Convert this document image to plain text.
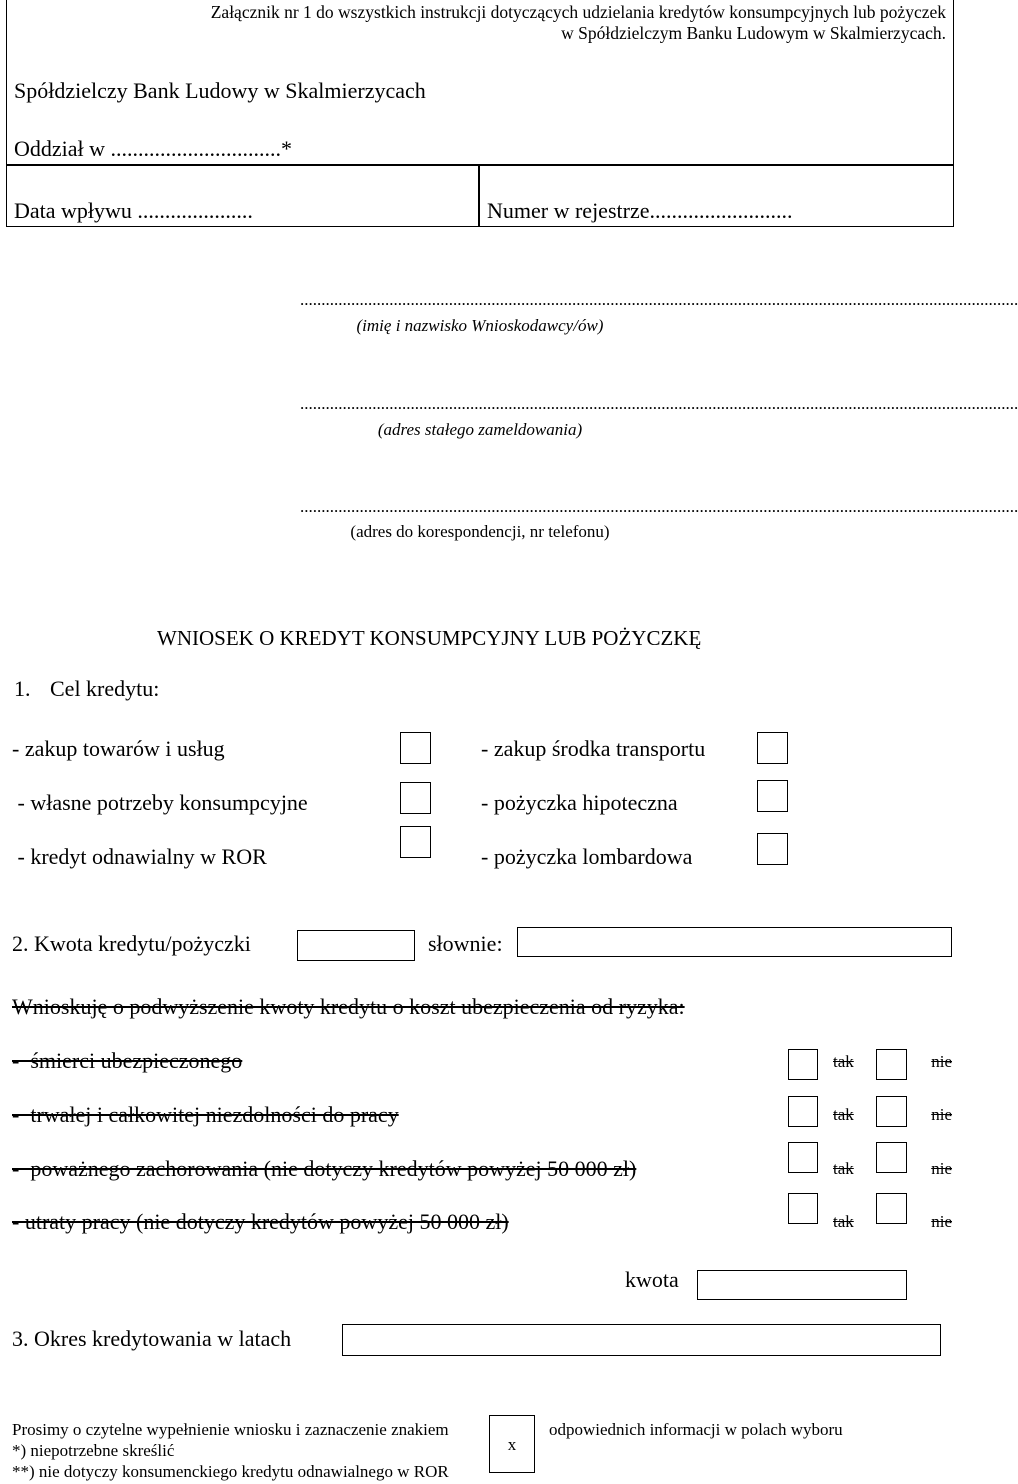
Załącznik nr 1 do wszystkich instrukcji dotyczących udzielania kredytów konsumpcyjnych lub pożyczek
w Spółdzielczym Banku Ludowym w Skalmierzycach.
Spółdzielczy Bank Ludowy w Skalmierzycach
Oddział w ...............................*
Data wpływu .....................	Numer w rejestrze..........................
.........................................................................................................................................................................
(imię i nazwisko Wnioskodawcy/ów)
.........................................................................................................................................................................
(adres stałego zameldowania)
.........................................................................................................................................................................
(adres do korespondencji, nr telefonu)
WNIOSEK O KREDYT KONSUMPCYJNY LUB POŻYCZKĘ
1. Cel kredytu:
- zakup towarów i usług	- zakup środka transportu
- własne potrzeby konsumpcyjne	- pożyczka hipoteczna
- kredyt odnawialny w ROR	- pożyczka lombardowa
2. Kwota kredytu/pożyczki	słownie:
Wnioskuję o podwyższenie kwoty kredytu o koszt ubezpieczenia od ryzyka:
-  śmierci ubezpieczonego	tak	nie
-  trwałej i całkowitej niezdolności do pracy	tak	nie
-  poważnego zachorowania (nie dotyczy kredytów powyżej 50 000 zł)	tak	nie
- utraty pracy (nie dotyczy kredytów powyżej 50 000 zł)	tak	nie
kwota
3. Okres kredytowania w latach
Prosimy o czytelne wypełnienie wniosku i zaznaczenie znakiem
x
odpowiednich informacji w polach wyboru
*) niepotrzebne skreślić
**) nie dotyczy konsumenckiego kredytu odnawialnego w ROR
